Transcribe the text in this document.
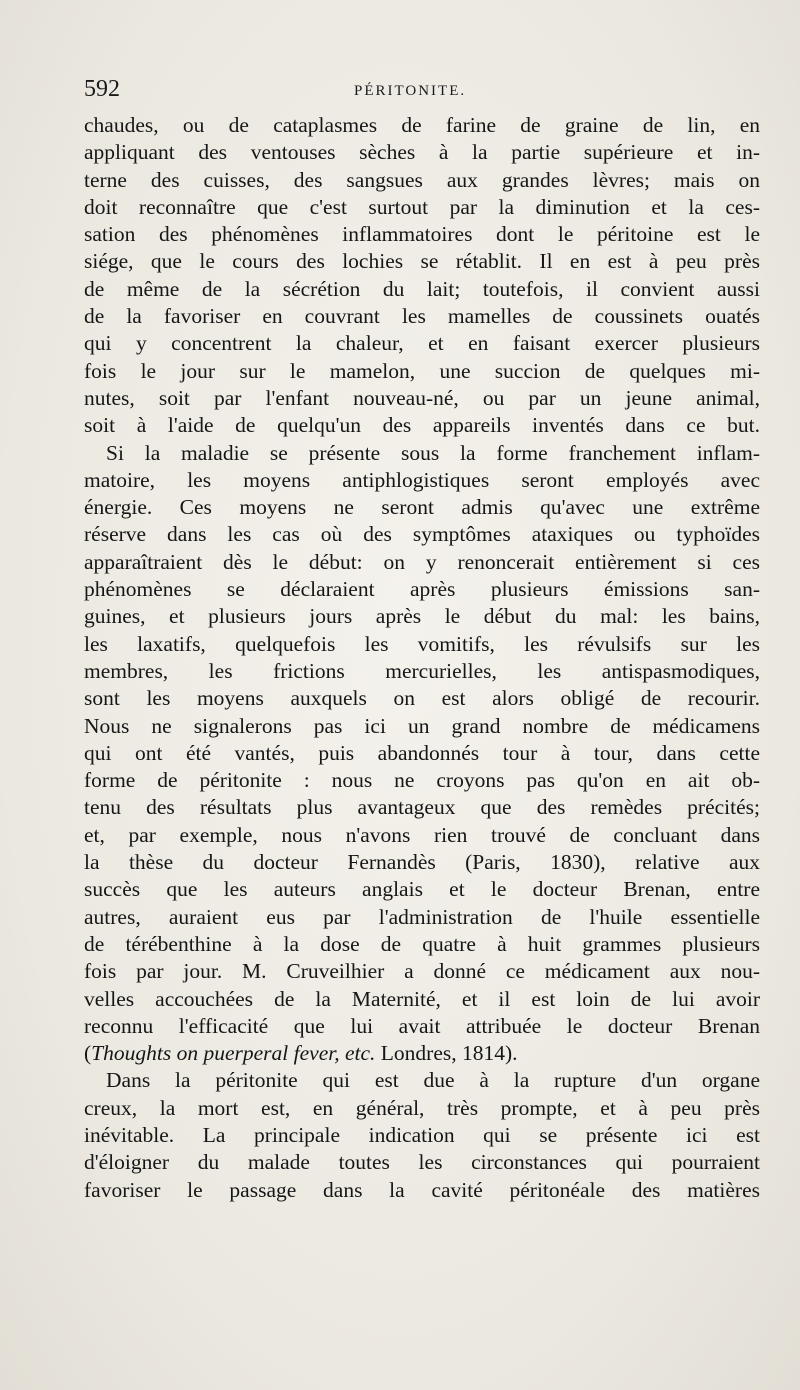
592	PÉRITONITE.

chaudes, ou de cataplasmes de farine de graine de lin, en
appliquant des ventouses sèches à la partie supérieure et in-
terne des cuisses, des sangsues aux grandes lèvres; mais on
doit reconnaître que c'est surtout par la diminution et la ces-
sation des phénomènes inflammatoires dont le péritoine est le
siége, que le cours des lochies se rétablit. Il en est à peu près
de même de la sécrétion du lait; toutefois, il convient aussi
de la favoriser en couvrant les mamelles de coussinets ouatés
qui y concentrent la chaleur, et en faisant exercer plusieurs
fois le jour sur le mamelon, une succion de quelques mi-
nutes, soit par l'enfant nouveau-né, ou par un jeune animal,
soit à l'aide de quelqu'un des appareils inventés dans ce but.

Si la maladie se présente sous la forme franchement inflam-
matoire, les moyens antiphlogistiques seront employés avec
énergie. Ces moyens ne seront admis qu'avec une extrême
réserve dans les cas où des symptômes ataxiques ou typhoïdes
apparaîtraient dès le début: on y renoncerait entièrement si ces
phénomènes se déclaraient après plusieurs émissions san-
guines, et plusieurs jours après le début du mal: les bains,
les laxatifs, quelquefois les vomitifs, les révulsifs sur les
membres, les frictions mercurielles, les antispasmodiques,
sont les moyens auxquels on est alors obligé de recourir.
Nous ne signalerons pas ici un grand nombre de médicamens
qui ont été vantés, puis abandonnés tour à tour, dans cette
forme de péritonite : nous ne croyons pas qu'on en ait ob-
tenu des résultats plus avantageux que des remèdes précités;
et, par exemple, nous n'avons rien trouvé de concluant dans
la thèse du docteur Fernandès (Paris, 1830), relative aux
succès que les auteurs anglais et le docteur Brenan, entre
autres, auraient eus par l'administration de l'huile essentielle
de térébenthine à la dose de quatre à huit grammes plusieurs
fois par jour. M. Cruveilhier a donné ce médicament aux nou-
velles accouchées de la Maternité, et il est loin de lui avoir
reconnu l'efficacité que lui avait attribuée le docteur Brenan
(Thoughts on puerperal fever, etc. Londres, 1814).

Dans la péritonite qui est due à la rupture d'un organe
creux, la mort est, en général, très prompte, et à peu près
inévitable. La principale indication qui se présente ici est
d'éloigner du malade toutes les circonstances qui pourraient
favoriser le passage dans la cavité péritonéale des matières
